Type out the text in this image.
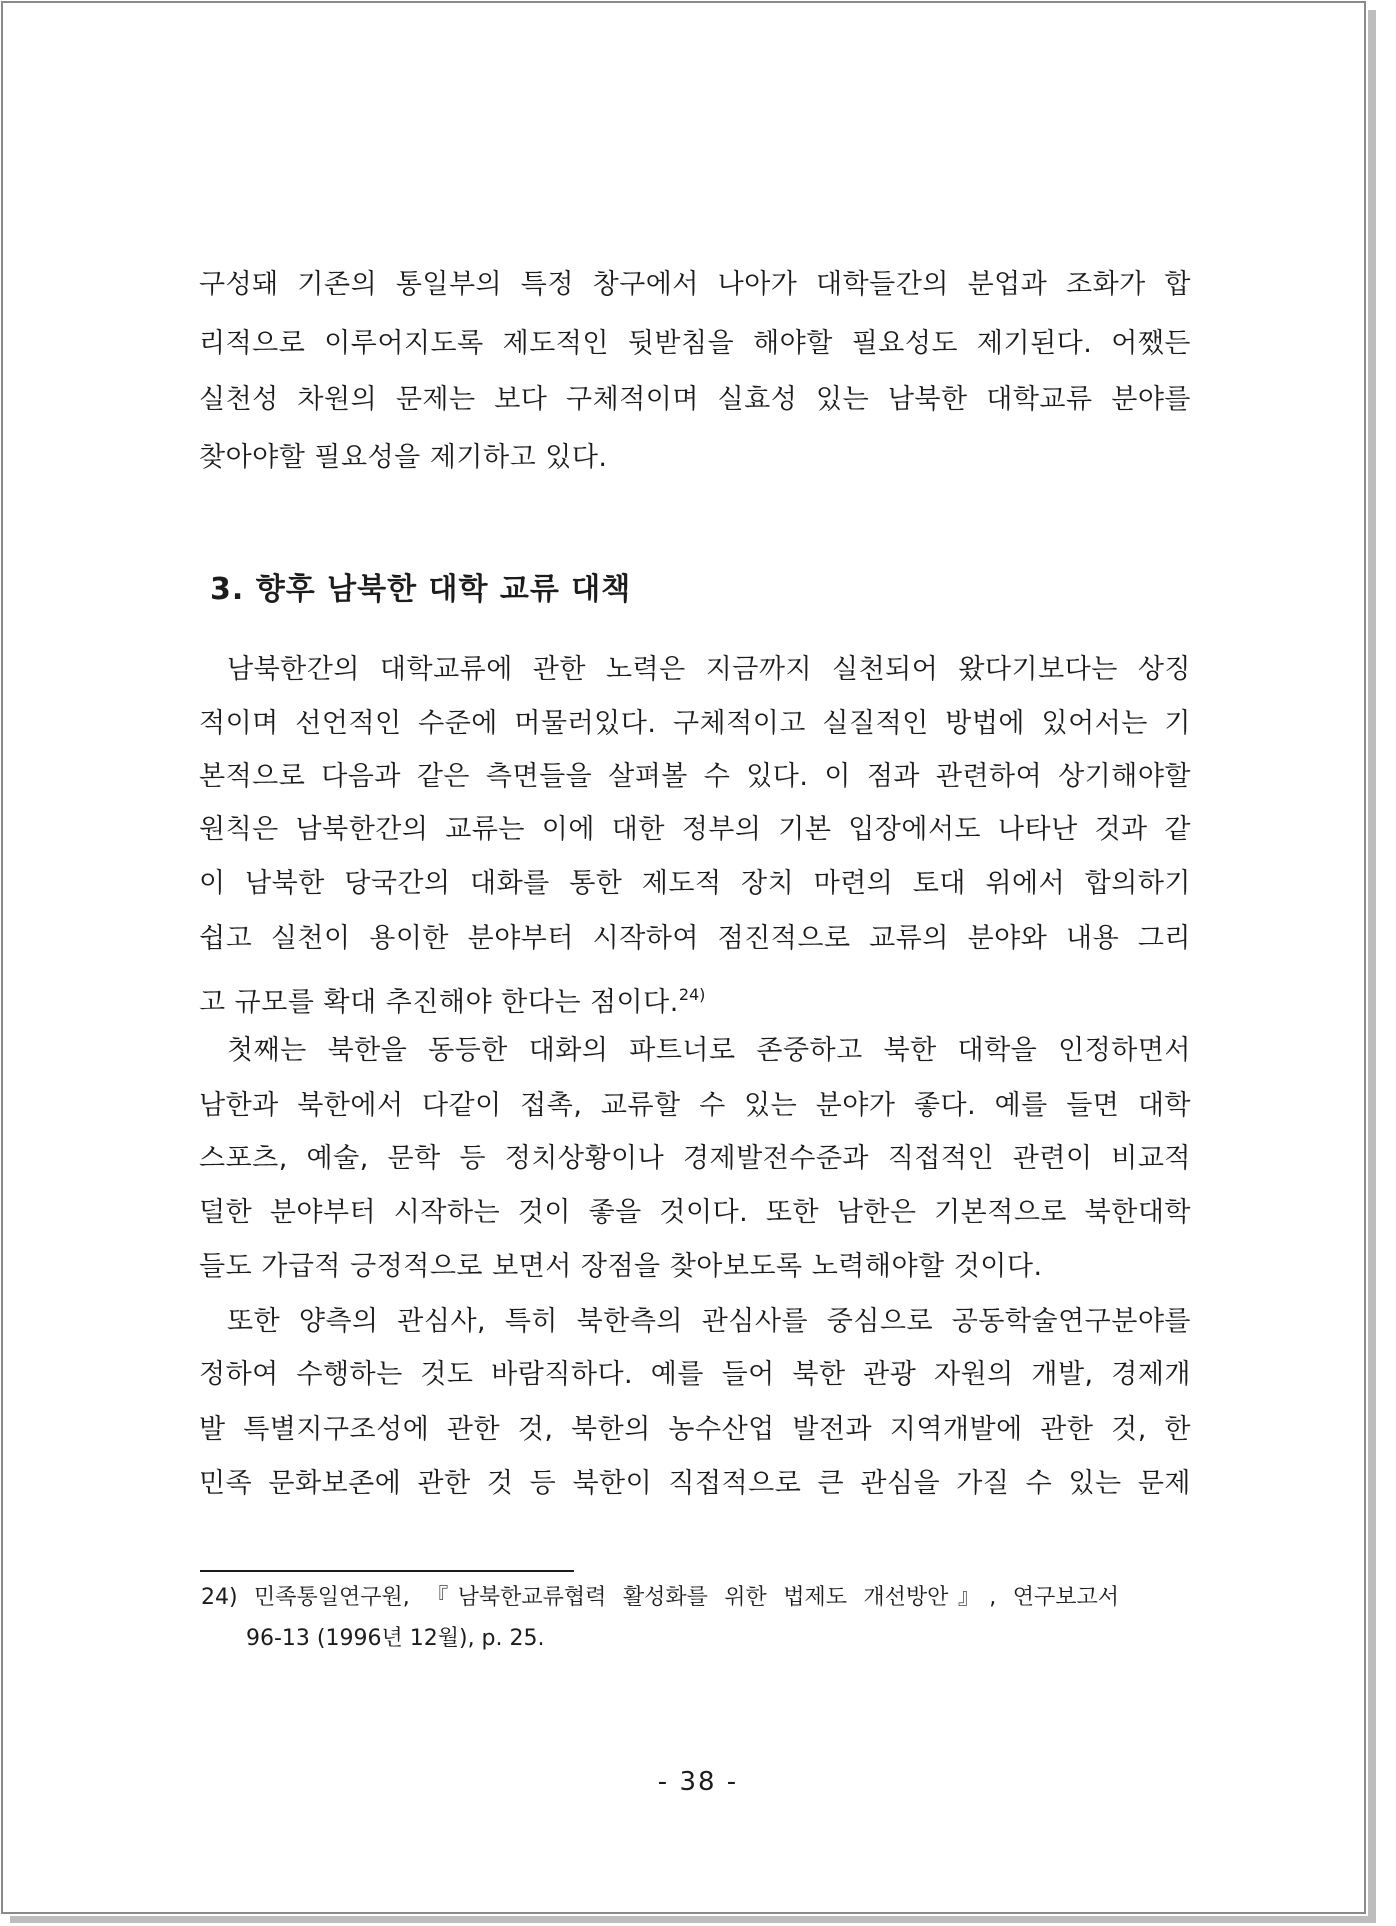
구성돼 기존의 통일부의 특정 창구에서 나아가 대학들간의 분업과 조화가 합
리적으로 이루어지도록 제도적인 뒷받침을 해야할 필요성도 제기된다. 어쨌든
실천성 차원의 문제는 보다 구체적이며 실효성 있는 남북한 대학교류 분야를
찾아야할 필요성을 제기하고 있다.
남북한간의 대학교류에 관한 노력은 지금까지 실천되어 왔다기보다는 상징
적이며 선언적인 수준에 머물러있다. 구체적이고 실질적인 방법에 있어서는 기
본적으로 다음과 같은 측면들을 살펴볼 수 있다. 이 점과 관련하여 상기해야할
원칙은 남북한간의 교류는 이에 대한 정부의 기본 입장에서도 나타난 것과 같
이 남북한 당국간의 대화를 통한 제도적 장치 마련의 토대 위에서 합의하기
쉽고 실천이 용이한 분야부터 시작하여 점진적으로 교류의 분야와 내용 그리
고 규모를 확대 추진해야 한다는 점이다.$^{24)}$
첫째는 북한을 동등한 대화의 파트너로 존중하고 북한 대학을 인정하면서
남한과 북한에서 다같이 접촉, 교류할 수 있는 분야가 좋다. 예를 들면 대학
스포츠, 예술, 문학 등 정치상황이나 경제발전수준과 직접적인 관련이 비교적
덜한 분야부터 시작하는 것이 좋을 것이다. 또한 남한은 기본적으로 북한대학
들도 가급적 긍정적으로 보면서 장점을 찾아보도록 노력해야할 것이다.
또한 양측의 관심사, 특히 북한측의 관심사를 중심으로 공동학술연구분야를
정하여 수행하는 것도 바람직하다. 예를 들어 북한 관광 자원의 개발, 경제개
발 특별지구조성에 관한 것, 북한의 농수산업 발전과 지역개발에 관한 것, 한
민족 문화보존에 관한 것 등 북한이 직접적으로 큰 관심을 가질 수 있는 문제
3. 향후 남북한 대학 교류 대책
24) 민족통일연구원, 『남북한교류협력 활성화를 위한 법제도 개선방안』, 연구보고서
96-13 (1996년 12월), p. 25.
- 38 -
